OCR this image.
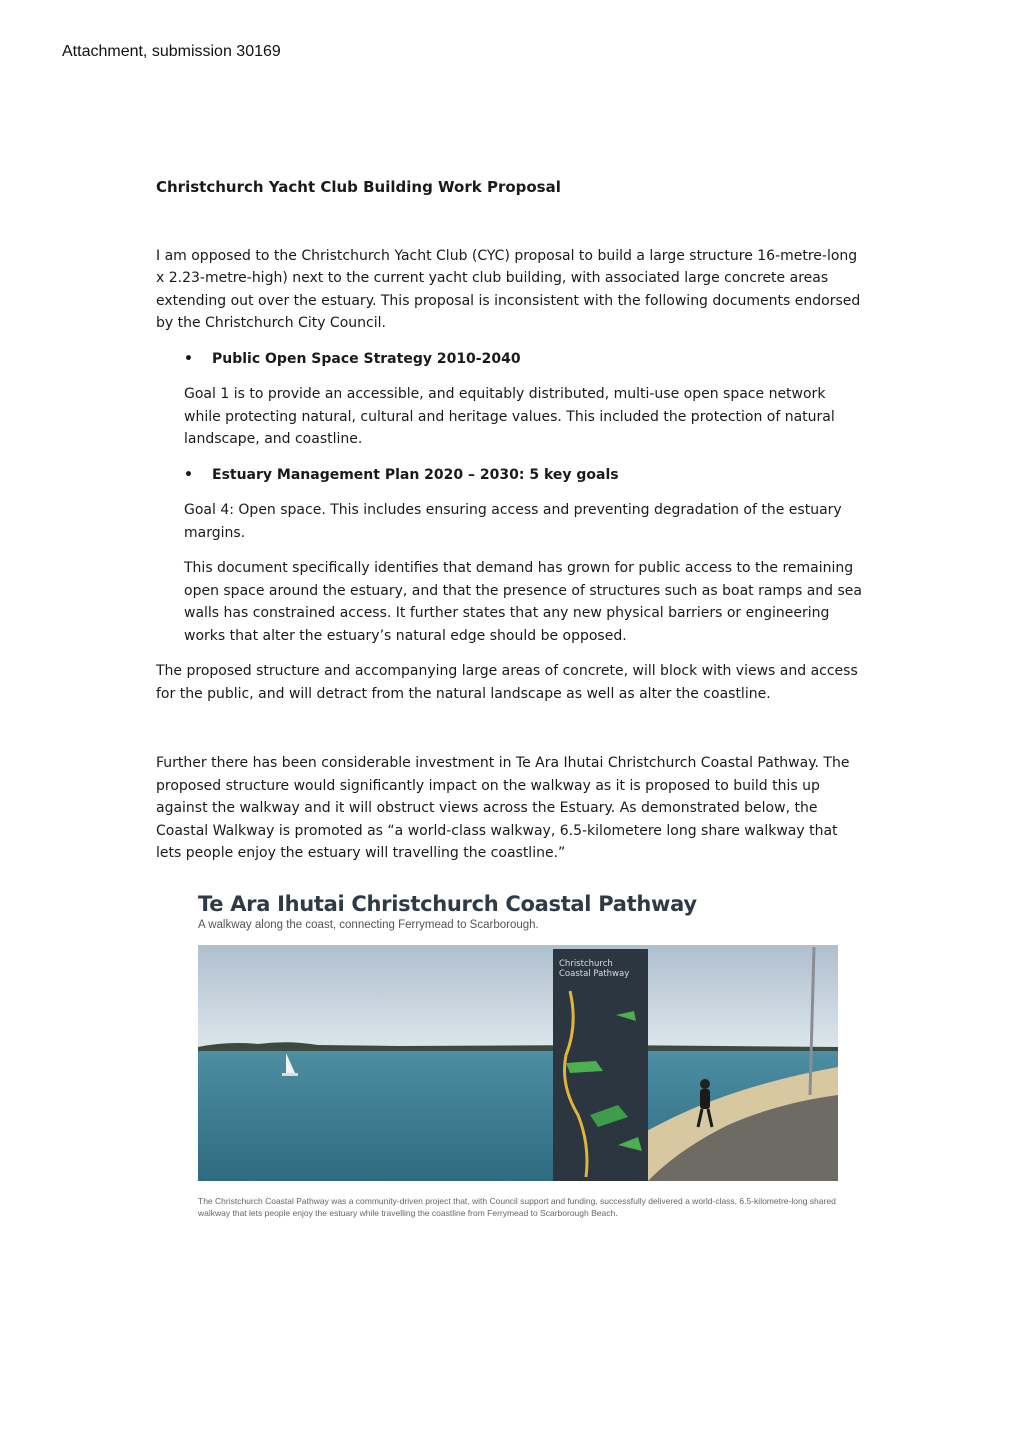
Attachment, submission 30169
Christchurch Yacht Club Building Work Proposal
I am opposed to the Christchurch Yacht Club (CYC) proposal to build a large structure 16-metre-long x 2.23-metre-high) next to the current yacht club building, with associated large concrete areas extending out over the estuary. This proposal is inconsistent with the following documents endorsed by the Christchurch City Council.
•	Public Open Space Strategy 2010-2040
Goal 1 is to provide an accessible, and equitably distributed, multi-use open space network while protecting natural, cultural and heritage values. This included the protection of natural landscape, and coastline.
•	Estuary Management Plan 2020 – 2030: 5 key goals
Goal 4: Open space. This includes ensuring access and preventing degradation of the estuary margins.
This document specifically identifies that demand has grown for public access to the remaining open space around the estuary, and that the presence of structures such as boat ramps and sea walls has constrained access. It further states that any new physical barriers or engineering works that alter the estuary’s natural edge should be opposed.
The proposed structure and accompanying large areas of concrete, will block with views and access for the public, and will detract from the natural landscape as well as alter the coastline.
Further there has been considerable investment in Te Ara Ihutai Christchurch Coastal Pathway. The proposed structure would significantly impact on the walkway as it is proposed to build this up against the walkway and it will obstruct views across the Estuary. As demonstrated below, the Coastal Walkway is promoted as “a world-class walkway, 6.5-kilometere long share walkway that lets people enjoy the estuary will travelling the coastline.”
Te Ara Ihutai Christchurch Coastal Pathway
A walkway along the coast, connecting Ferrymead to Scarborough.
Christchurch
Coastal Pathway
The Christchurch Coastal Pathway was a community-driven project that, with Council support and funding, successfully delivered a world-class, 6.5-kilometre-long shared walkway that lets people enjoy the estuary while travelling the coastline from Ferrymead to Scarborough Beach.
